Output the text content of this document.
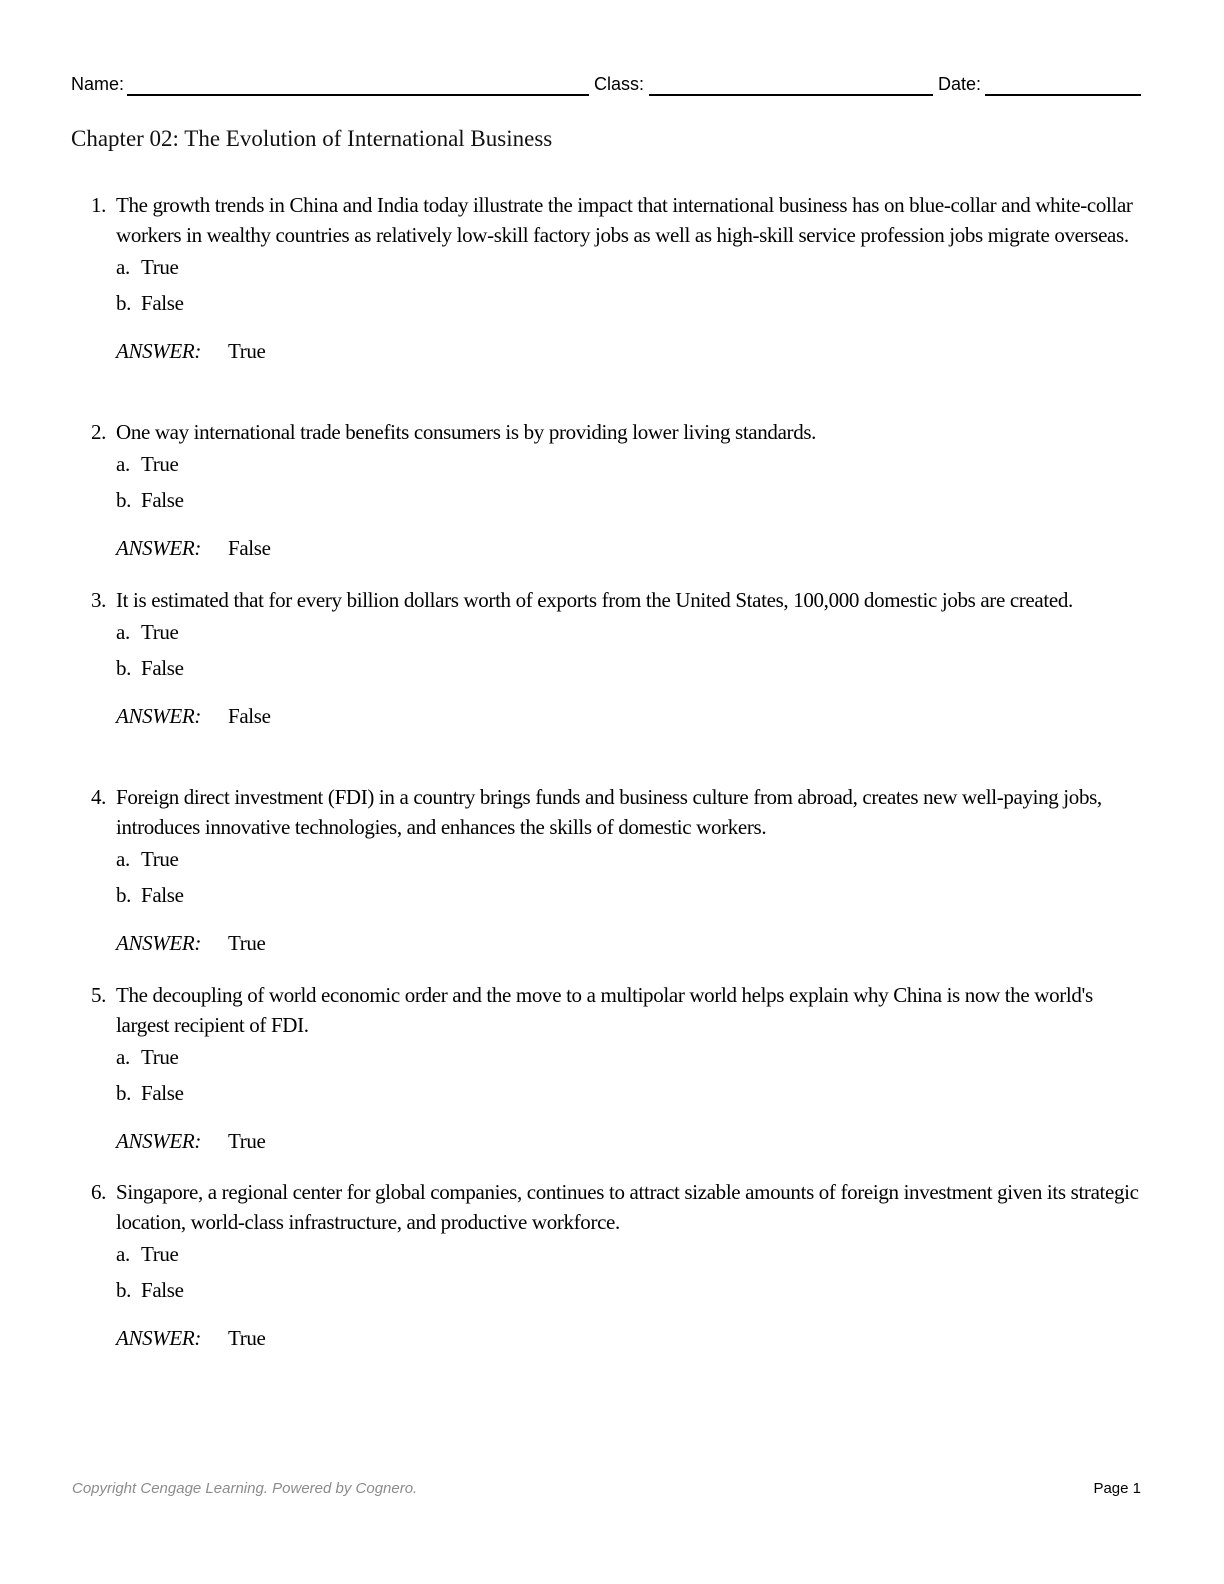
Name:	Class:	Date:
Chapter 02: The Evolution of International Business
1. The growth trends in China and India today illustrate the impact that international business has on blue-collar and white-collar workers in wealthy countries as relatively low-skill factory jobs as well as high-skill service profession jobs migrate overseas.
a. True
b. False
ANSWER: True
2. One way international trade benefits consumers is by providing lower living standards.
a. True
b. False
ANSWER: False
3. It is estimated that for every billion dollars worth of exports from the United States, 100,000 domestic jobs are created.
a. True
b. False
ANSWER: False
4. Foreign direct investment (FDI) in a country brings funds and business culture from abroad, creates new well-paying jobs, introduces innovative technologies, and enhances the skills of domestic workers.
a. True
b. False
ANSWER: True
5. The decoupling of world economic order and the move to a multipolar world helps explain why China is now the world's largest recipient of FDI.
a. True
b. False
ANSWER: True
6. Singapore, a regional center for global companies, continues to attract sizable amounts of foreign investment given its strategic location, world-class infrastructure, and productive workforce.
a. True
b. False
ANSWER: True
Copyright Cengage Learning. Powered by Cognero.	Page 1
